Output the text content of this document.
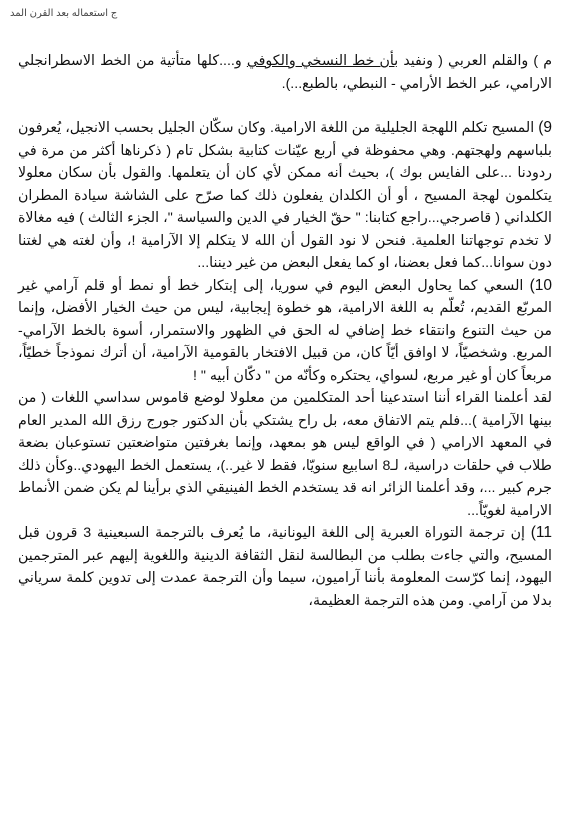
ج استعماله بعد القرن المد

م ) والقلم العربي ( ونفيد بأن خط النسخي والكوفي و....كلها متأتية من الخط الاسطرانجلي الارامي، عبر الخط الأرامي - النبطي، بالطبع...).

9) المسيح تكلم اللهجة الجليلية من اللغة الارامية. وكان سكّان الجليل بحسب الانجيل، يُعرفون بلباسهم ولهجتهم. وهي محفوظة في أربع عيّنات كتابية بشكل تام ( ذكرناها أكثر من مرة في ردودنا ...على الفايس بوك )، بحيث أنه ممكن لأي كان أن يتعلمها. والقول بأن سكان معلولا يتكلمون لهجة المسيح ، أو أن الكلدان يفعلون ذلك كما صرّح على الشاشة سيادة المطران الكلداني ( قاصرجي...راجع كتابنا: " حقّ الخيار في الدين والسياسة "، الجزء الثالث ) فيه مغالاة لا تخدم توجهاتنا العلمية. فنحن لا نود القول أن الله لا يتكلم إلا الآرامية !، وأن لغته هي لغتنا دون سوانا...كما فعل بعضنا، او كما يفعل البعض من غير ديننا...

10) السعي كما يحاول البعض اليوم في سوريا، إلى إبتكار خط أو نمط أو قلم آرامي غير المربّع القديم، تُعلّم به اللغة الارامية، هو خطوة إيجابية، ليس من حيث الخيار الأفضل، وإنما من حيث التنوع وانتقاء خط إضافي له الحق في الظهور والاستمرار، أسوة بالخط الآرامي- المربع. وشخصيّاً، لا اوافق أيّاً كان، من قبيل الافتخار بالقومية الآرامية، أن أترك نموذجاً خطيّاً، مربعاً كان أو غير مربع، لسواي، يحتكره وكأنّه من " دكّان أبيه " !

لقد أعلمنا القراء أننا استدعينا أحد المتكلمين من معلولا لوضع قاموس سداسي اللغات ( من بينها الآرامية )...فلم يتم الاتفاق معه، بل راح يشتكي بأن الدكتور جورج رزق الله المدير العام في المعهد الارامي ( في الواقع ليس هو بمعهد، وإنما بغرفتين متواضعتين تستوعبان بضعة طلاب في حلقات دراسية، لـ8 اسابيع سنويّا، فقط لا غير..)، يستعمل الخط اليهودي..وكأن ذلك جرم كبير ...، وقد أعلمنا الزائر انه قد يستخدم الخط الفينيقي الذي برأينا لم يكن ضمن الأنماط الارامية لغويّاً...

11) إن ترجمة التوراة العبرية إلى اللغة اليونانية، ما يُعرف بالترجمة السبعينية 3 قرون قبل المسيح، والتي جاءت بطلب من البطالسة لنقل الثقافة الدينية واللغوية إليهم عبر المترجمين اليهود، إنما كرّست المعلومة بأننا آراميون، سيما وأن الترجمة عمدت إلى تدوين كلمة سرياني بدلا من آرامي. ومن هذه الترجمة العظيمة،
